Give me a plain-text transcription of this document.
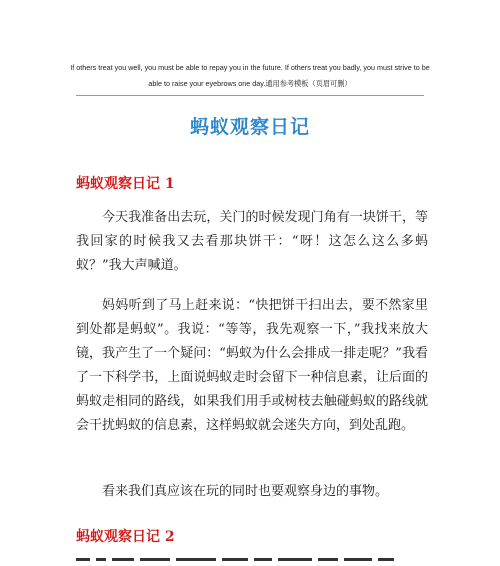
If others treat you well, you must be able to repay you in the future. If others treat you badly, you must strive to be able to raise your eyebrows one day.通用参考模板（页眉可删）
蚂蚁观察日记
蚂蚁观察日记 1

今天我准备出去玩，关门的时候发现门角有一块饼干，等我回家的时候我又去看那块饼干：“呀！这怎么这么多蚂蚁？”我大声喊道。

妈妈听到了马上赶来说：“快把饼干扫出去，要不然家里到处都是蚂蚁”。我说：“等等，我先观察一下，”我找来放大镜，我产生了一个疑问：“蚂蚁为什么会排成一排走呢？”我看了一下科学书，上面说蚂蚁走时会留下一种信息素，让后面的蚂蚁走相同的路线，如果我们用手或树枝去触碰蚂蚁的路线就会干扰蚂蚁的信息素，这样蚂蚁就会迷失方向，到处乱跑。

看来我们真应该在玩的同时也要观察身边的事物。

蚂蚁观察日记 2
